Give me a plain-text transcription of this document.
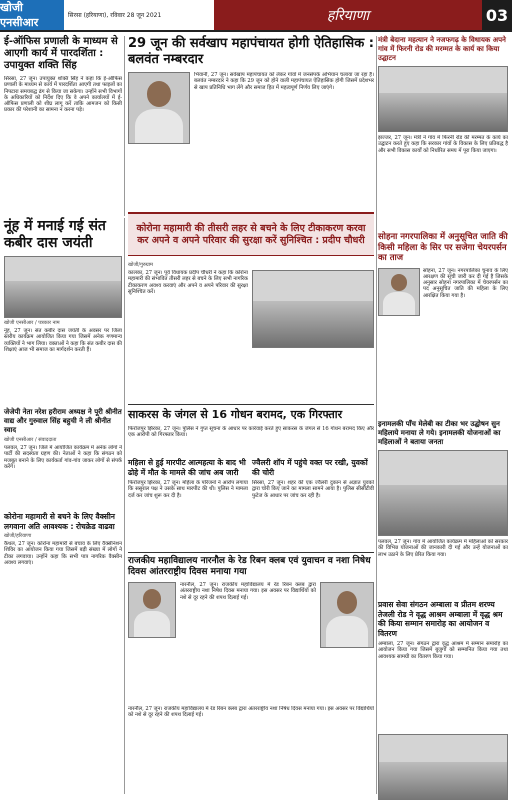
खोजी एनसीआर
सिरसा (हरियाणा), रविवार 28 जून 2021	हरियाणा	03
ई-ऑफिस प्रणाली के माध्यम से आएगी कार्य में पारदर्शिता : उपायुक्त शक्ति सिंह
सिरसा, 27 जून। उपायुक्त शक्ति सिंह ने कहा कि ई-ऑफिस प्रणाली के माध्यम से कार्य में पारदर्शिता आएगी तथा फाइलों का निपटारा समयबद्ध ढंग से किया जा सकेगा। उन्होंने सभी विभागों के अधिकारियों को निर्देश दिए कि वे अपने कार्यालयों में ई-ऑफिस प्रणाली को शीघ्र लागू करें ताकि आमजन को किसी प्रकार की परेशानी का सामना न करना पड़े।
29 जून की सर्वखाप महापंचायत होगी ऐतिहासिक : बलवंत नम्बरदार
भिवानी, 27 जून। सर्वखाप महापंचायत को लेकर गांवों में जनसंपर्क अभियान चलाया जा रहा है। बलवंत नम्बरदार ने कहा कि 29 जून को होने वाली महापंचायत ऐतिहासिक होगी जिसमें प्रदेशभर से खाप प्रतिनिधि भाग लेंगे और समाज हित में महत्वपूर्ण निर्णय लिए जाएंगे।
मंत्री बेदाना महत्यान ने नजफगढ़ के विधायक अपने गांव में फिरनी रोड की मरम्मत के कार्य का किया उद्घाटन
झज्जर, 27 जून। मंत्री ने गांव में फिरनी रोड की मरम्मत के कार्य का उद्घाटन करते हुए कहा कि सरकार गांवों के विकास के लिए प्रतिबद्ध है और सभी विकास कार्यों को निर्धारित समय में पूरा किया जाएगा।
नूंह में मनाई गई संत कबीर दास जयंती
खोजी एनसीआर / पत्रकार नाम
नूंह, 27 जून। संत कबीर दास जयंती के अवसर पर जिला स्तरीय कार्यक्रम आयोजित किया गया जिसमें अनेक गणमान्य व्यक्तियों ने भाग लिया। वक्ताओं ने कहा कि संत कबीर दास की शिक्षाएं आज भी समाज का मार्गदर्शन करती हैं।
जेजेपी नेता नरेश हरीराम अध्यक्ष ने पूरी श्रीनीत वाद्य और गुरुवाल सिंह बहुची ने ली श्रीनीत स्वाद
खोजी एनसीआर / संवाददाता
पलवल, 27 जून। जिले में आयोजित कार्यक्रम में अनेक लोगों ने पार्टी की सदस्यता ग्रहण की। नेताओं ने कहा कि संगठन को मजबूत बनाने के लिए कार्यकर्ता गांव-गांव जाकर लोगों से संपर्क करेंगे।
कोरोना महामारी से बचने के लिए वैक्सीन लगवाना अति आवश्यक : रोचक्रेड वाढवा
खोजी/हरियाणा
कैथल, 27 जून। कोरोना महामारी से बचाव के लिए वैक्सीनेशन शिविर का आयोजन किया गया जिसमें बड़ी संख्या में लोगों ने टीका लगवाया। उन्होंने कहा कि सभी पात्र नागरिक वैक्सीन अवश्य लगवाएं।
कोरोना महामारी की तीसरी लहर से बचने के लिए टीकाकरण करवा कर अपने व अपने परिवार की सुरक्षा करें सुनिश्चित : प्रदीप चौधरी
खोजी/गुरुग्राम
कालका, 27 जून। पूर्व विधायक प्रदीप चौधरी ने कहा कि कोरोना महामारी की संभावित तीसरी लहर से बचने के लिए सभी नागरिक टीकाकरण अवश्य करवाएं और अपने व अपने परिवार की सुरक्षा सुनिश्चित करें।
सोहना नगरपालिका में अनुसूचित जाति की किसी महिला के सिर पर सजेगा चेयरपर्सन का ताज
सोहना, 27 जून। नगरपालिका चुनाव के लिए आरक्षण की सूची जारी कर दी गई है जिसके अनुसार सोहना नगरपालिका में चेयरपर्सन का पद अनुसूचित जाति की महिला के लिए आरक्षित किया गया है।
साकरस के जंगल से 16 गोधन बरामद, एक गिरफ्तार
फिरोजपुर झिरका, 27 जून। पुलिस ने गुप्त सूचना के आधार पर कार्रवाई करते हुए साकरस के जंगल से 16 गोधन बरामद किए और एक आरोपी को गिरफ्तार किया।
महिला से हुई मारपीट आत्महत्या के बाद भी ढोहे में मौत के मामले की जांच अब जारी
फिरोजपुर झिरका, 27 जून। महिला के परिजनों ने आरोप लगाया कि ससुराल पक्ष ने उसके साथ मारपीट की थी। पुलिस ने मामला दर्ज कर जांच शुरू कर दी है।
ज्वैलरी शॉप में पहुंचे वक्त पर रखी, युवकों की चोरी
सिरसा, 27 जून। शहर की एक ज्वैलरी दुकान से अज्ञात युवकों द्वारा चोरी किए जाने का मामला सामने आया है। पुलिस सीसीटीवी फुटेज के आधार पर जांच कर रही है।
इनामलकी पाँच मेलेबी का टीका भर उद्घोषन सुन महिलाये मनाया ले गये। इनामलकी योजनाओं का महिलाओं ने बताया जनता
पलवल, 27 जून। गांव में आयोजित कार्यक्रम में महिलाओं को सरकार की विभिन्न योजनाओं की जानकारी दी गई और उन्हें योजनाओं का लाभ उठाने के लिए प्रेरित किया गया।
राजकीय महाविद्यालय नारनौल के रेड रिबन क्लब एवं युवाचन व नशा निषेध दिवस आंतरराष्ट्रीय दिवस मनाया गया
नारनौल, 27 जून। राजकीय महाविद्यालय में रेड रिबन क्लब द्वारा अंतरराष्ट्रीय नशा निषेध दिवस मनाया गया। इस अवसर पर विद्यार्थियों को नशे से दूर रहने की शपथ दिलाई गई।
नारनौल, 27 जून। राजकीय महाविद्यालय में रेड रिबन क्लब द्वारा अंतरराष्ट्रीय नशा निषेध दिवस मनाया गया। इस अवसर पर विद्यार्थियों को नशे से दूर रहने की शपथ दिलाई गई।
प्रवास सेवा संगठन अम्बाला व प्रीतम शरण्य तेजली रोड ने वृद्ध आश्रम अम्बाला में वृद्ध श्रम की किया सम्मान समारोह का आयोजन व वितरण
अम्बाला, 27 जून। संगठन द्वारा वृद्ध आश्रम में सम्मान समारोह का आयोजन किया गया जिसमें बुजुर्गों को सम्मानित किया गया तथा आवश्यक सामग्री का वितरण किया गया।
